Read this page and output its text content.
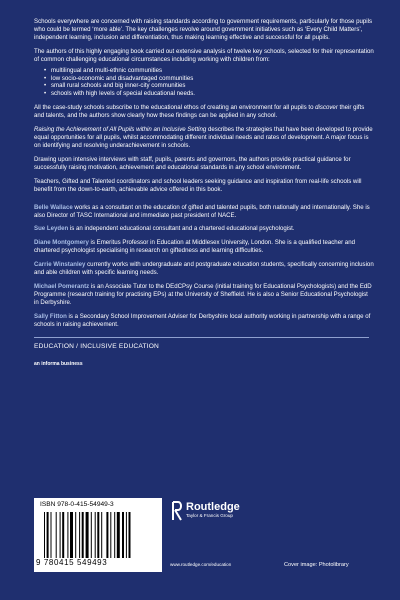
Schools everywhere are concerned with raising standards according to government requirements, particularly for those pupils who could be termed ‘more able’. The key challenges revolve around government initiatives such as ‘Every Child Matters’, independent learning, inclusion and differentiation, thus making learning effective and successful for all pupils.

The authors of this highly engaging book carried out extensive analysis of twelve key schools, selected for their representation of common challenging educational circumstances including working with children from:

• multilingual and multi-ethnic communities
• low socio-economic and disadvantaged communities
• small rural schools and big inner-city communities
• schools with high levels of special educational needs.

All the case-study schools subscribe to the educational ethos of creating an environment for all pupils to discover their gifts and talents, and the authors show clearly how these findings can be applied in any school.

Raising the Achievement of All Pupils within an Inclusive Setting describes the strategies that have been developed to provide equal opportunities for all pupils, whilst accommodating different individual needs and rates of development. A major focus is on identifying and resolving underachievement in schools.

Drawing upon intensive interviews with staff, pupils, parents and governors, the authors provide practical guidance for successfully raising motivation, achievement and educational standards in any school environment.

Teachers, Gifted and Talented coordinators and school leaders seeking guidance and inspiration from real-life schools will benefit from the down-to-earth, achievable advice offered in this book.

Belle Wallace works as a consultant on the education of gifted and talented pupils, both nationally and internationally. She is also Director of TASC International and immediate past president of NACE.

Sue Leyden is an independent educational consultant and a chartered educational psychologist.

Diane Montgomery is Emeritus Professor in Education at Middlesex University, London. She is a qualified teacher and chartered psychologist specialising in research on giftedness and learning difficulties.

Carrie Winstanley currently works with undergraduate and postgraduate education students, specifically concerning inclusion and able children with specific learning needs.

Michael Pomerantz is an Associate Tutor to the DEdCPsy Course (initial training for Educational Psychologists) and the EdD Programme (research training for practising EPs) at the University of Sheffield. He is also a Senior Educational Psychologist in Derbyshire.

Sally Fitton is a Secondary School Improvement Adviser for Derbyshire local authority working in partnership with a range of schools in raising achievement.

EDUCATION / INCLUSIVE EDUCATION
an informa business
ISBN 978-0-415-54949-3
9 780415 549493
Routledge
Taylor & Francis Group
www.routledge.com/education	Cover image: Photolibrary
